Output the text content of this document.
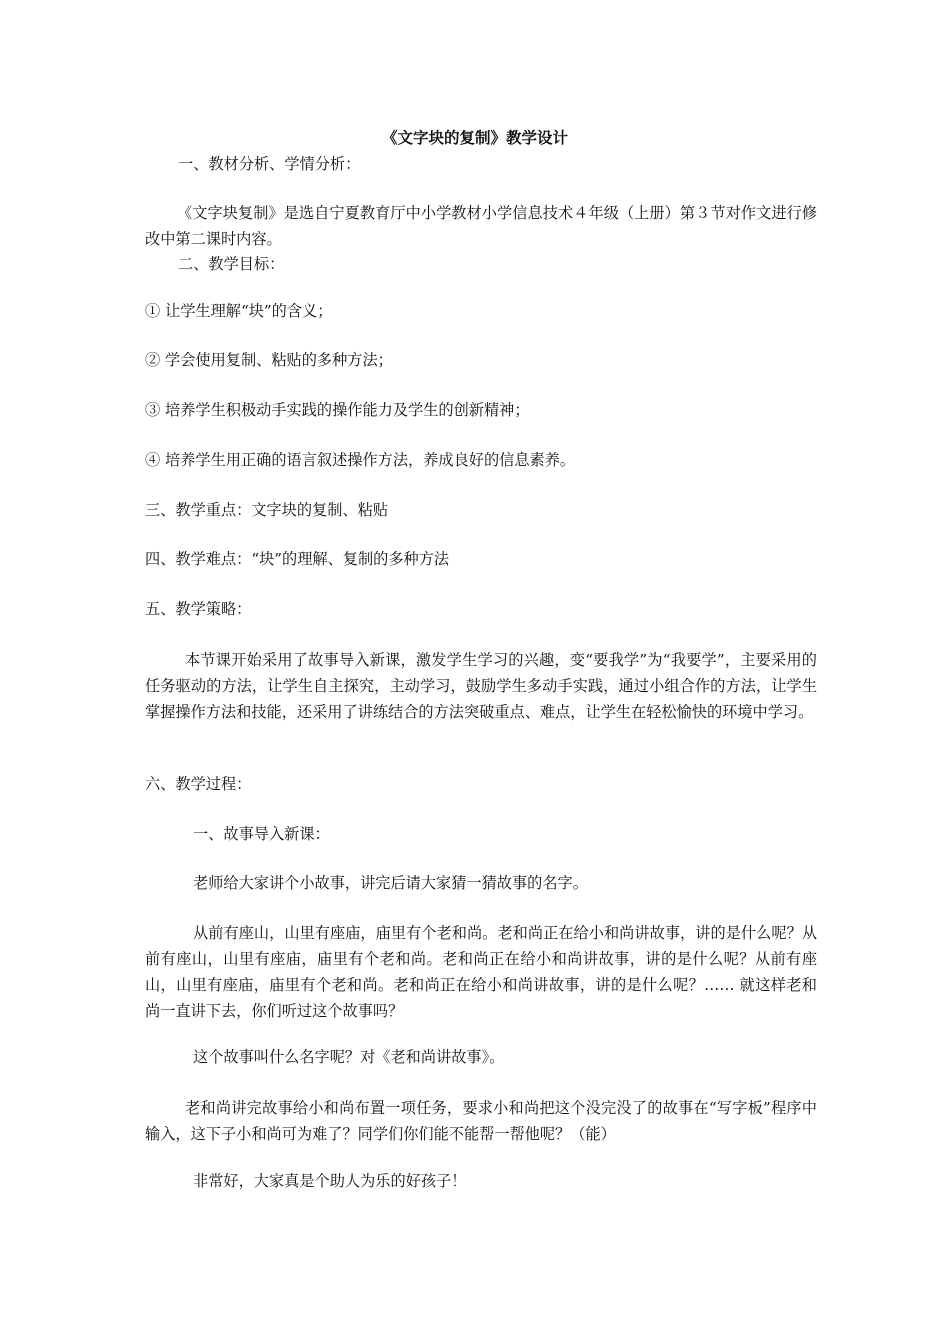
《文字块的复制》教学设计

一、教材分析、学情分析：

《文字块复制》是选自宁夏教育厅中小学教材小学信息技术４年级（上册）第３节对作文进行修改中第二课时内容。

二、教学目标：

① 让学生理解“块”的含义；

② 学会使用复制、粘贴的多种方法；

③ 培养学生积极动手实践的操作能力及学生的创新精神；

④ 培养学生用正确的语言叙述操作方法，养成良好的信息素养。

三、教学重点：文字块的复制、粘贴

四、教学难点：“块”的理解、复制的多种方法

五、教学策略：

本节课开始采用了故事导入新课，激发学生学习的兴趣，变“要我学”为“我要学”，主要采用的任务驱动的方法，让学生自主探究，主动学习，鼓励学生多动手实践，通过小组合作的方法，让学生掌握操作方法和技能，还采用了讲练结合的方法突破重点、难点，让学生在轻松愉快的环境中学习。

六、教学过程：

一、故事导入新课：

老师给大家讲个小故事，讲完后请大家猜一猜故事的名字。

从前有座山，山里有座庙，庙里有个老和尚。老和尚正在给小和尚讲故事，讲的是什么呢？从前有座山，山里有座庙，庙里有个老和尚。老和尚正在给小和尚讲故事，讲的是什么呢？从前有座山，山里有座庙，庙里有个老和尚。老和尚正在给小和尚讲故事，讲的是什么呢？…… 就这样老和尚一直讲下去，你们听过这个故事吗？

这个故事叫什么名字呢？对《老和尚讲故事》。

老和尚讲完故事给小和尚布置一项任务，要求小和尚把这个没完没了的故事在“写字板”程序中输入，这下子小和尚可为难了？同学们你们能不能帮一帮他呢？（能）

非常好，大家真是个助人为乐的好孩子！
